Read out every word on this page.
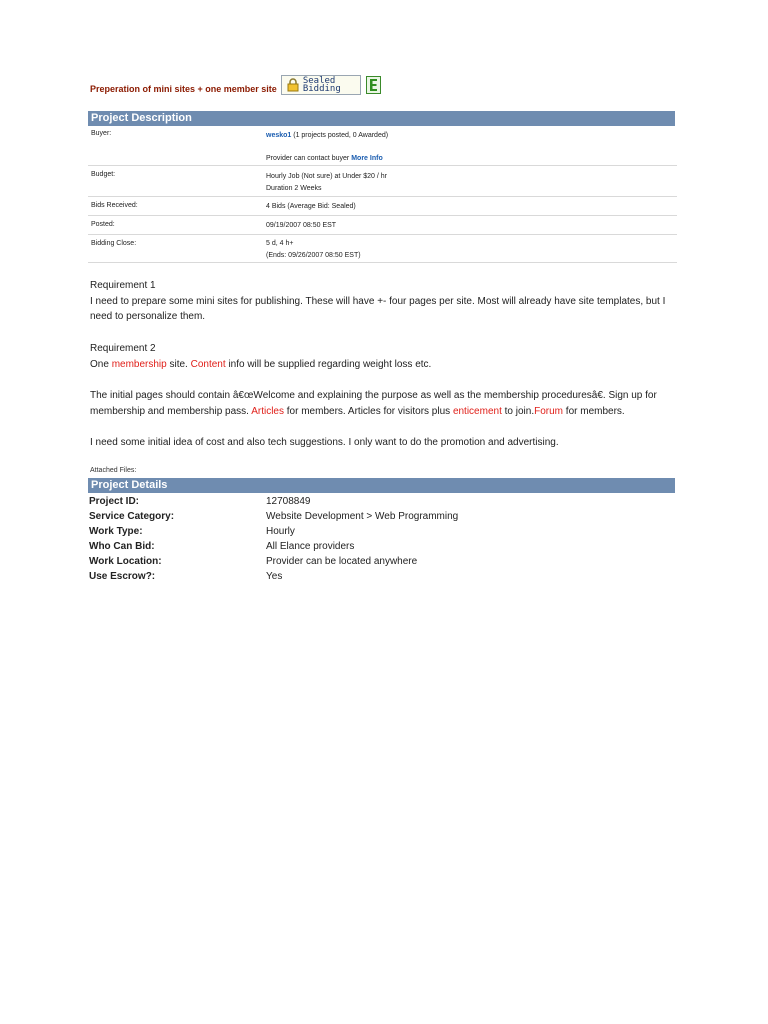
Preperation of mini sites + one member site
Sealed
Bidding
Project Description
Buyer:	wesko1 (1 projects posted, 0 Awarded)
Provider can contact buyer More Info
Budget:	Hourly Job (Not sure) at Under $20 / hr
Duration 2 Weeks
Bids Received:	4 Bids (Average Bid: Sealed)
Posted:	09/19/2007 08:50 EST
Bidding Close:	5 d, 4 h+
(Ends: 09/26/2007 08:50 EST)

Requirement 1

I need to prepare some mini sites for publishing. These will have +- four pages per site. Most will already have site templates, but I need to personalize them.

Requirement 2

One membership site. Content info will be supplied regarding weight loss etc.

The initial pages should contain â€œWelcome and explaining the purpose as well as the membership proceduresâ€. Sign up for membership and membership pass. Articles for members. Articles for visitors plus enticement to join.Forum for members.

I need some initial idea of cost and also tech suggestions. I only want to do the promotion and advertising.

Attached Files:
Project Details
Project ID:	12708849
Service Category:	Website Development > Web Programming
Work Type:	Hourly
Who Can Bid:	All Elance providers
Work Location:	Provider can be located anywhere
Use Escrow?:	Yes
